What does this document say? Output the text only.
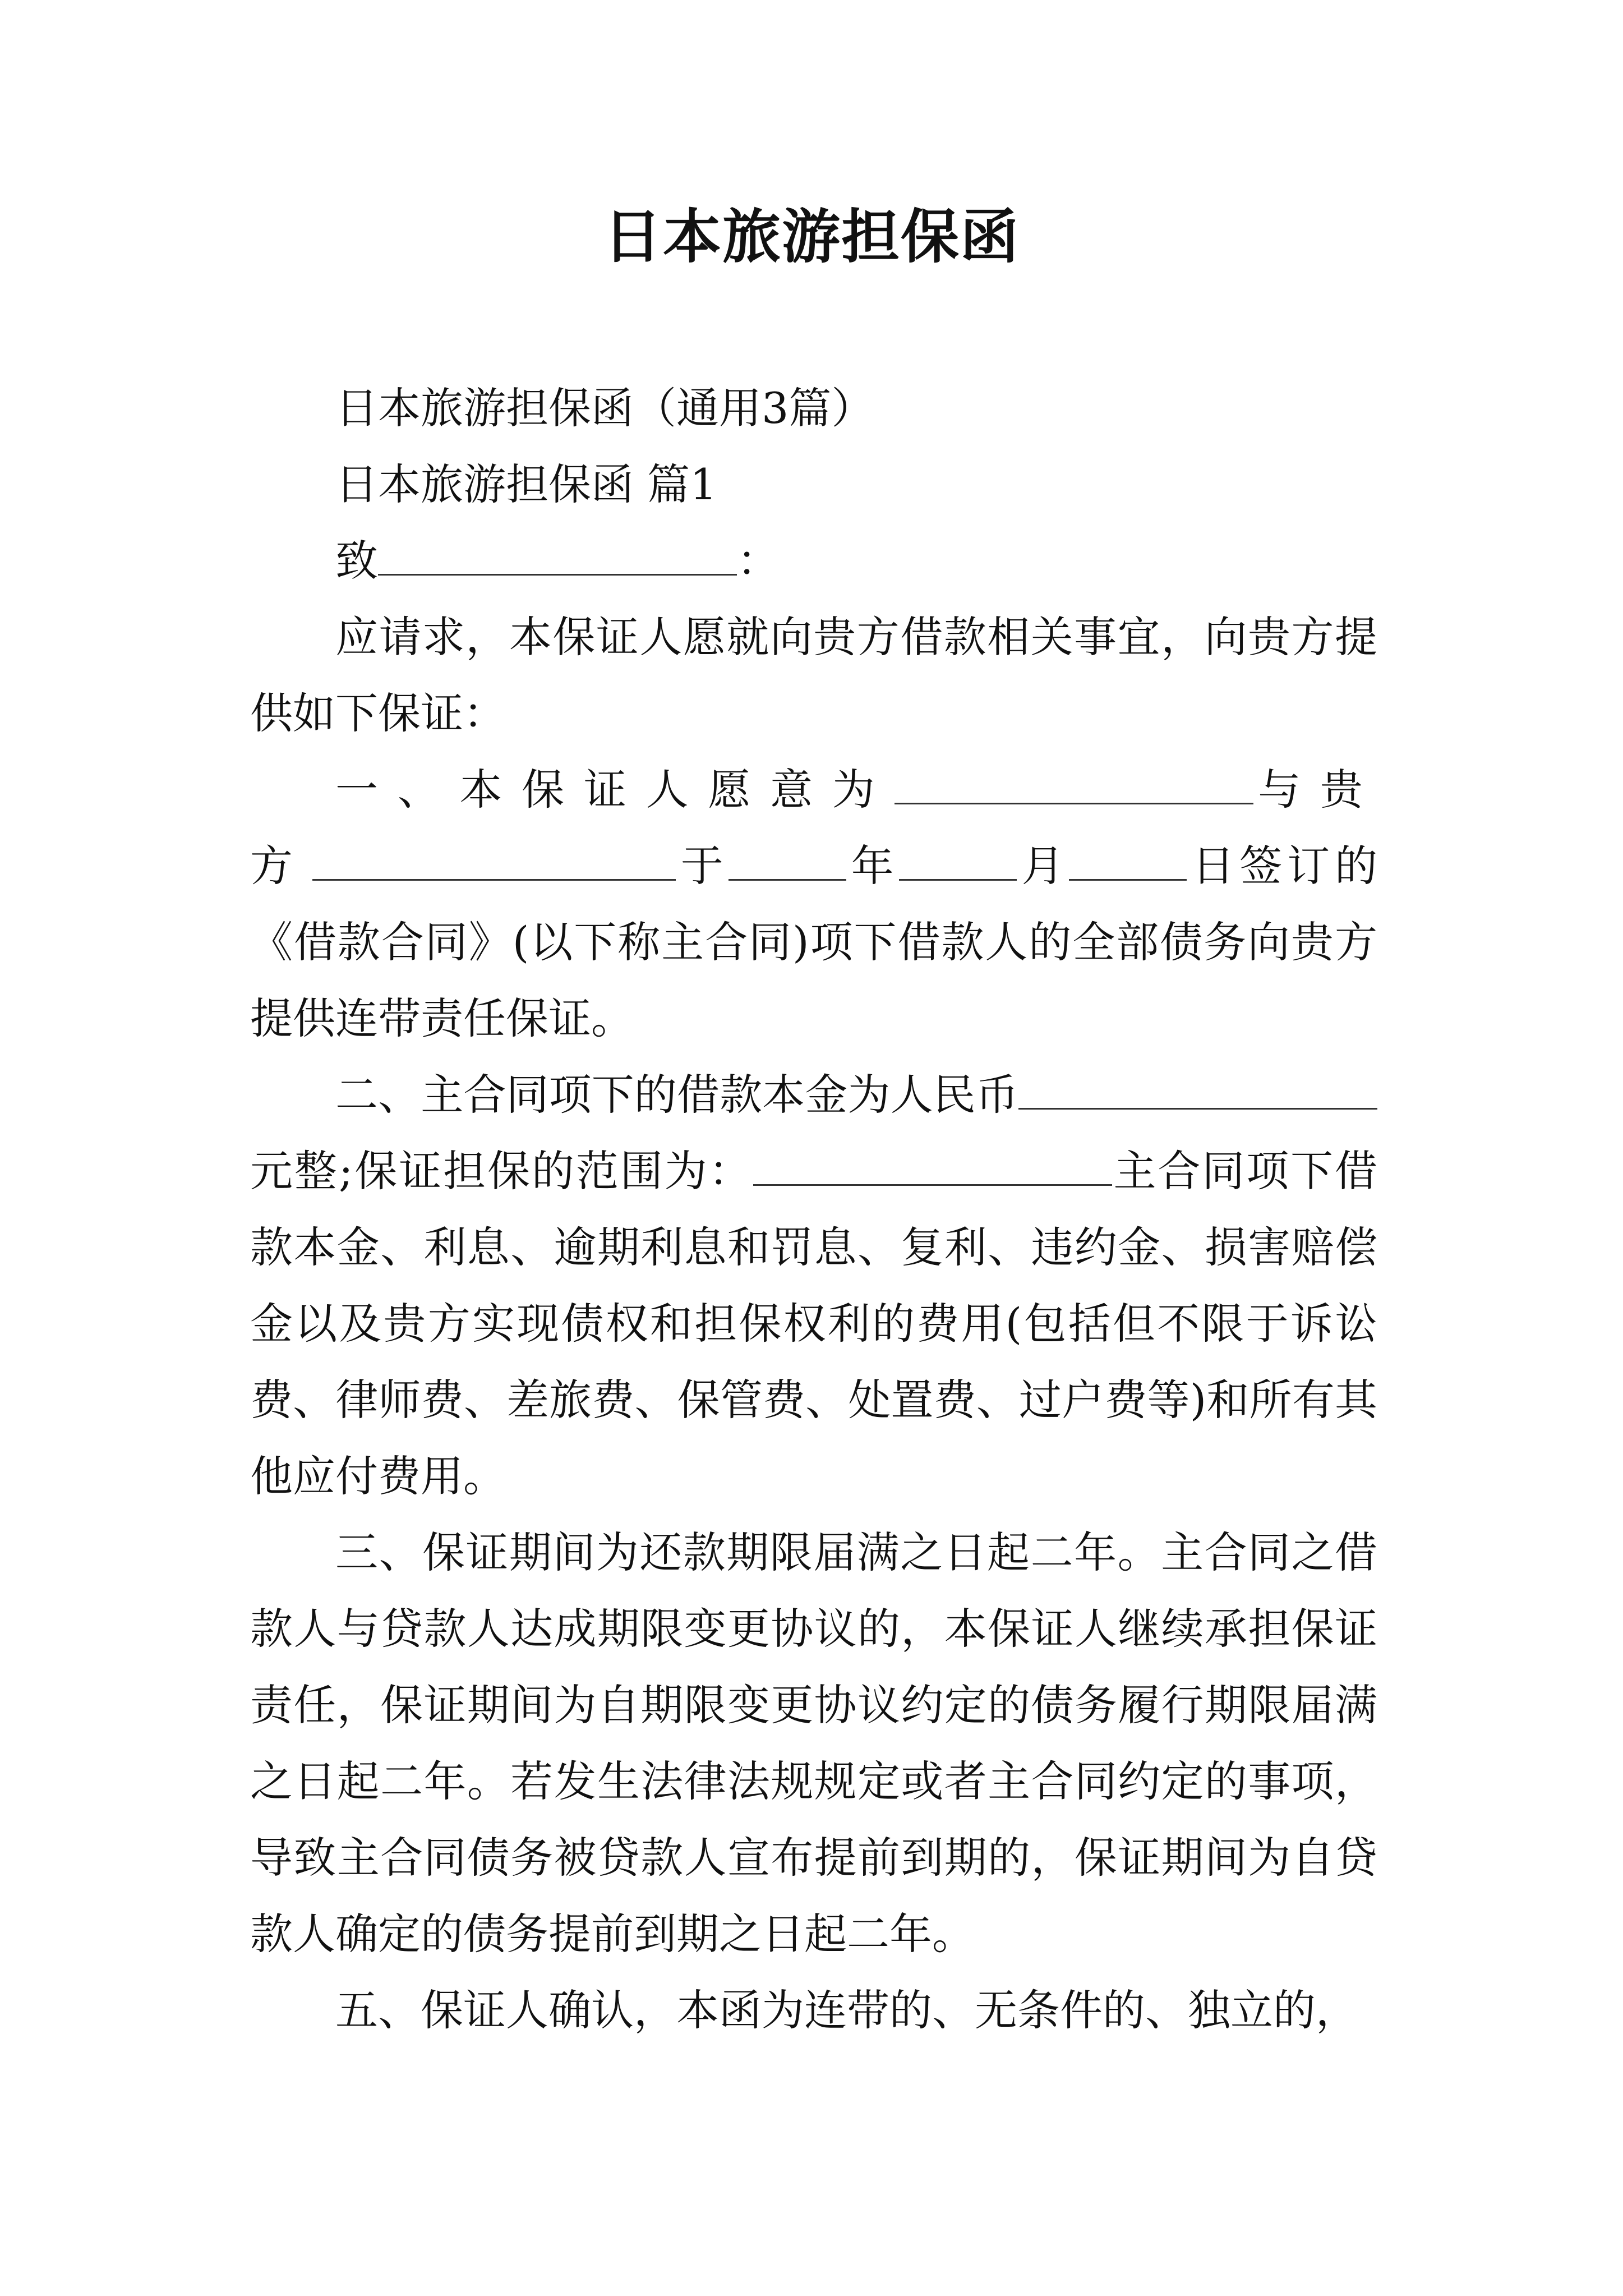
日本旅游担保函

日本旅游担保函（通用3篇）

日本旅游担保函 篇1

致	：

应请求，本保证人愿就向贵方借款相关事宜，向贵方提供如下保证：

一、本保证人愿意为	与贵方	于	年	月	日签订的《借款合同》(以下称主合同)项下借款人的全部债务向贵方提供连带责任保证。

二、主合同项下的借款本金为人民币元整;保证担保的范围为：	主合同项下借款本金、利息、逾期利息和罚息、复利、违约金、损害赔偿金以及贵方实现债权和担保权利的费用(包括但不限于诉讼费、律师费、差旅费、保管费、处置费、过户费等)和所有其他应付费用。

三、保证期间为还款期限届满之日起二年。主合同之借款人与贷款人达成期限变更协议的，本保证人继续承担保证责任，保证期间为自期限变更协议约定的债务履行期限届满之日起二年。若发生法律法规规定或者主合同约定的事项，导致主合同债务被贷款人宣布提前到期的，保证期间为自贷款人确定的债务提前到期之日起二年。

五、保证人确认，本函为连带的、无条件的、独立的，
